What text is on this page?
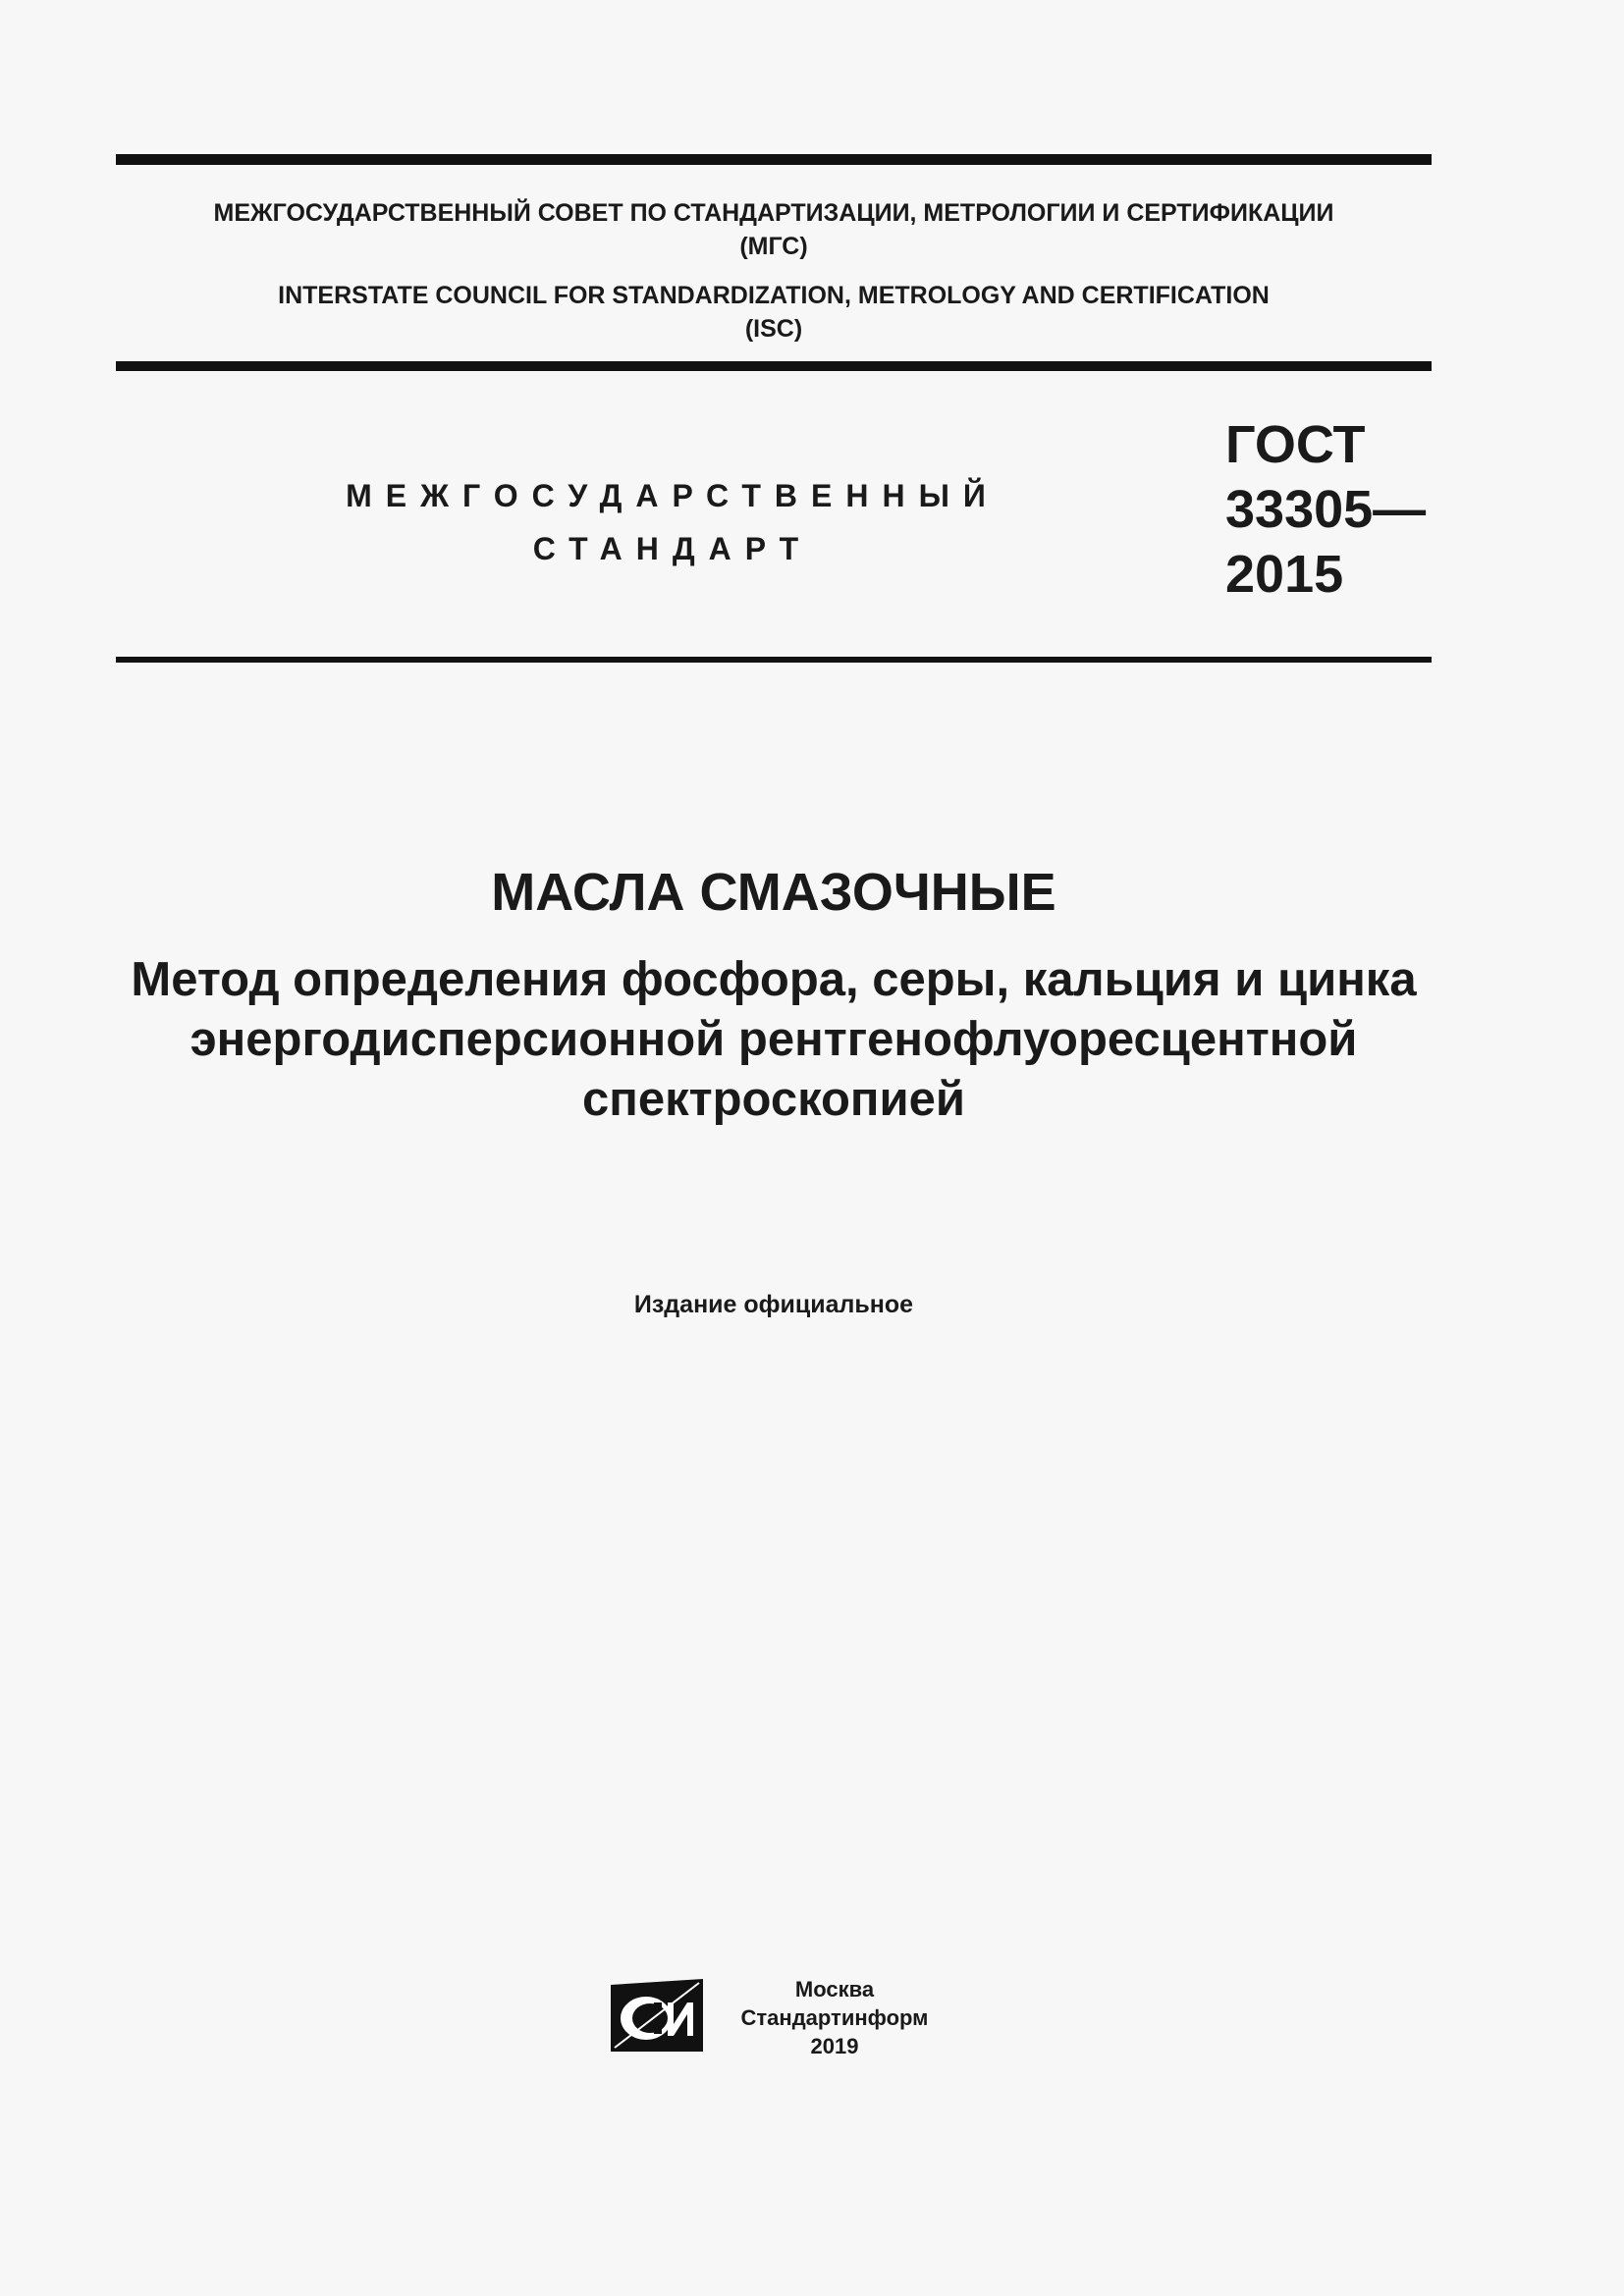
МЕЖГОСУДАРСТВЕННЫЙ СОВЕТ ПО СТАНДАРТИЗАЦИИ, МЕТРОЛОГИИ И СЕРТИФИКАЦИИ
(МГС)
INTERSTATE COUNCIL FOR STANDARDIZATION, METROLOGY AND CERTIFICATION
(ISC)
МЕЖГОСУДАРСТВЕННЫЙ
СТАНДАРТ
ГОСТ
33305—
2015
МАСЛА СМАЗОЧНЫЕ
Метод определения фосфора, серы, кальция и цинка
энергодисперсионной рентгенофлуоресцентной
спектроскопией
Издание официальное
Москва
Стандартинформ
2019
